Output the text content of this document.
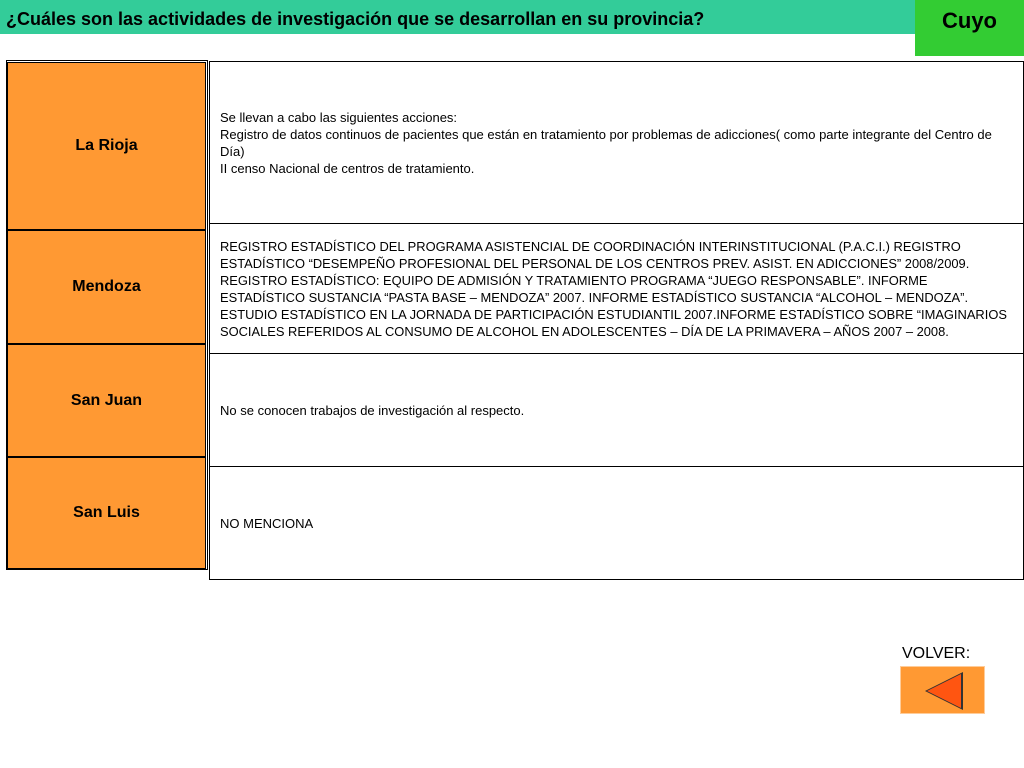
¿Cuáles son las actividades de investigación que se desarrollan en su provincia?	Cuyo
La Rioja
Mendoza
San Juan
San Luis
Se llevan a cabo las siguientes acciones:
Registro de datos continuos de pacientes que están en tratamiento por problemas de adicciones( como parte integrante del Centro de Día)
II censo Nacional de centros de tratamiento.
REGISTRO ESTADÍSTICO DEL PROGRAMA ASISTENCIAL DE COORDINACIÓN INTERINSTITUCIONAL (P.A.C.I.) REGISTRO ESTADÍSTICO “DESEMPEÑO PROFESIONAL DEL PERSONAL DE LOS CENTROS PREV. ASIST. EN ADICCIONES” 2008/2009. REGISTRO ESTADÍSTICO: EQUIPO DE ADMISIÓN Y TRATAMIENTO PROGRAMA “JUEGO RESPONSABLE”. INFORME ESTADÍSTICO SUSTANCIA “PASTA BASE – MENDOZA” 2007. INFORME ESTADÍSTICO SUSTANCIA “ALCOHOL – MENDOZA”. ESTUDIO ESTADÍSTICO EN LA JORNADA DE PARTICIPACIÓN ESTUDIANTIL 2007.INFORME ESTADÍSTICO SOBRE “IMAGINARIOS SOCIALES REFERIDOS AL CONSUMO DE ALCOHOL EN ADOLESCENTES – DÍA DE LA PRIMAVERA – AÑOS 2007 – 2008.
No se conocen trabajos de investigación al respecto.
NO MENCIONA
VOLVER:
